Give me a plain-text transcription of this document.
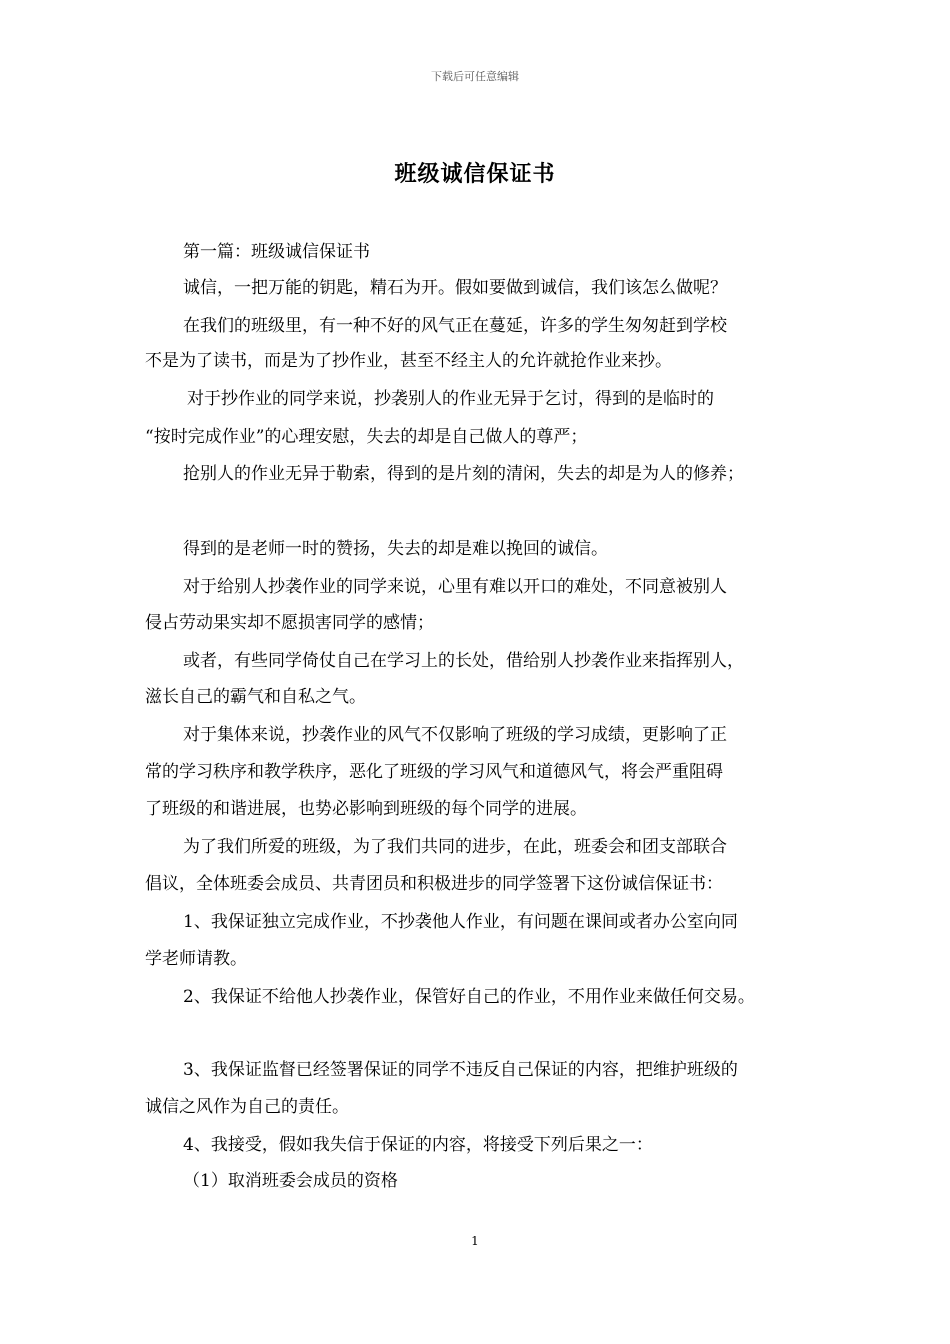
下载后可任意编辑
班级诚信保证书
第一篇：班级诚信保证书
诚信，一把万能的钥匙，精石为开。假如要做到诚信，我们该怎么做呢？
在我们的班级里，有一种不好的风气正在蔓延，许多的学生匆匆赶到学校
不是为了读书，而是为了抄作业，甚至不经主人的允许就抢作业来抄。
对于抄作业的同学来说，抄袭别人的作业无异于乞讨，得到的是临时的
“按时完成作业”的心理安慰，失去的却是自己做人的尊严；
抢别人的作业无异于勒索，得到的是片刻的清闲，失去的却是为人的修养；
得到的是老师一时的赞扬，失去的却是难以挽回的诚信。
对于给别人抄袭作业的同学来说，心里有难以开口的难处，不同意被别人
侵占劳动果实却不愿损害同学的感情；
或者，有些同学倚仗自己在学习上的长处，借给别人抄袭作业来指挥别人，
滋长自己的霸气和自私之气。
对于集体来说，抄袭作业的风气不仅影响了班级的学习成绩，更影响了正
常的学习秩序和教学秩序，恶化了班级的学习风气和道德风气，将会严重阻碍
了班级的和谐进展，也势必影响到班级的每个同学的进展。
为了我们所爱的班级，为了我们共同的进步，在此，班委会和团支部联合
倡议，全体班委会成员、共青团员和积极进步的同学签署下这份诚信保证书：
1、我保证独立完成作业，不抄袭他人作业，有问题在课间或者办公室向同
学老师请教。
2、我保证不给他人抄袭作业，保管好自己的作业，不用作业来做任何交易。
3、我保证监督已经签署保证的同学不违反自己保证的内容，把维护班级的
诚信之风作为自己的责任。
4、我接受，假如我失信于保证的内容，将接受下列后果之一：
（1）取消班委会成员的资格
1
